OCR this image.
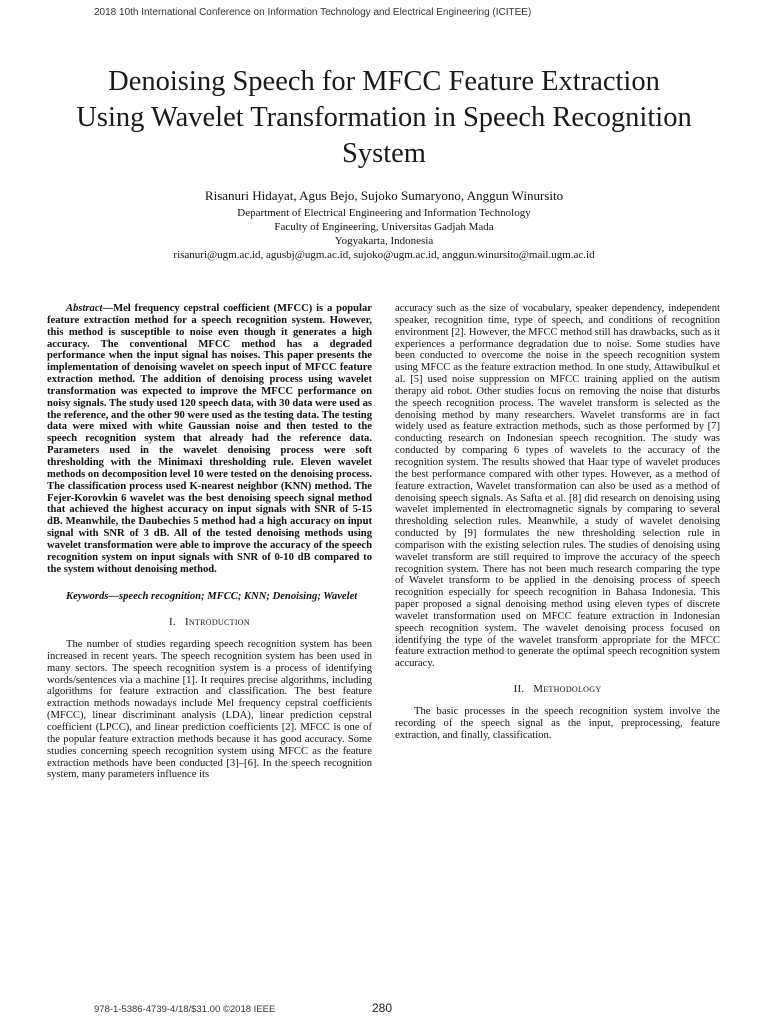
2018 10th International Conference on Information Technology and Electrical Engineering (ICITEE)
Denoising Speech for MFCC Feature Extraction
Using Wavelet Transformation in Speech Recognition
System
Risanuri Hidayat, Agus Bejo, Sujoko Sumaryono, Anggun Winursito
Department of Electrical Engineering and Information Technology
Faculty of Engineering, Universitas Gadjah Mada
Yogyakarta, Indonesia
risanuri@ugm.ac.id, agusbj@ugm.ac.id, sujoko@ugm.ac.id, anggun.winursito@mail.ugm.ac.id

Abstract—Mel frequency cepstral coefficient (MFCC) is a popular feature extraction method for a speech recognition system. However, this method is susceptible to noise even though it generates a high accuracy. The conventional MFCC method has a degraded performance when the input signal has noises. This paper presents the implementation of denoising wavelet on speech input of MFCC feature extraction method. The addition of denoising process using wavelet transformation was expected to improve the MFCC performance on noisy signals. The study used 120 speech data, with 30 data were used as the reference, and the other 90 were used as the testing data. The testing data were mixed with white Gaussian noise and then tested to the speech recognition system that already had the reference data. Parameters used in the wavelet denoising process were soft thresholding with the Minimaxi thresholding rule. Eleven wavelet methods on decomposition level 10 were tested on the denoising process. The classification process used K-nearest neighbor (KNN) method. The Fejer-Korovkin 6 wavelet was the best denoising speech signal method that achieved the highest accuracy on input signals with SNR of 5-15 dB. Meanwhile, the Daubechies 5 method had a high accuracy on input signal with SNR of 3 dB. All of the tested denoising methods using wavelet transformation were able to improve the accuracy of the speech recognition system on input signals with SNR of 0-10 dB compared to the system without denoising method.

Keywords—speech recognition; MFCC; KNN; Denoising; Wavelet

I. Introduction

The number of studies regarding speech recognition system has been increased in recent years. The speech recognition system has been used in many sectors. The speech recognition system is a process of identifying words/sentences via a machine [1]. It requires precise algorithms, including algorithms for feature extraction and classification. The best feature extraction methods nowadays include Mel frequency cepstral coefficients (MFCC), linear discriminant analysis (LDA), linear prediction cepstral coefficient (LPCC), and linear prediction coefficients [2]. MFCC is one of the popular feature extraction methods because it has good accuracy. Some studies concerning speech recognition system using MFCC as the feature extraction methods have been conducted [3]–[6]. In the speech recognition system, many parameters influence its

accuracy such as the size of vocabulary, speaker dependency, independent speaker, recognition time, type of speech, and conditions of recognition environment [2]. However, the MFCC method still has drawbacks, such as it experiences a performance degradation due to noise. Some studies have been conducted to overcome the noise in the speech recognition system using MFCC as the feature extraction method. In one study, Attawibulkul et al. [5] used noise suppression on MFCC training applied on the autism therapy aid robot. Other studies focus on removing the noise that disturbs the speech recognition process. The wavelet transform is selected as the denoising method by many researchers. Wavelet transforms are in fact widely used as feature extraction methods, such as those performed by [7] conducting research on Indonesian speech recognition. The study was conducted by comparing 6 types of wavelets to the accuracy of the recognition system. The results showed that Haar type of wavelet produces the best performance compared with other types. However, as a method of feature extraction, Wavelet transformation can also be used as a method of denoising speech signals. As Safta et al. [8] did research on denoising using wavelet implemented in electromagnetic signals by comparing to several thresholding selection rules. Meanwhile, a study of wavelet denoising conducted by [9] formulates the new thresholding selection rule in comparison with the existing selection rules. The studies of denoising using wavelet transform are still required to improve the accuracy of the speech recognition system. There has not been much research comparing the type of Wavelet transform to be applied in the denoising process of speech recognition especially for speech recognition in Bahasa Indonesia. This paper proposed a signal denoising method using eleven types of discrete wavelet transformation used on MFCC feature extraction in Indonesian speech recognition system. The wavelet denoising process focused on identifying the type of the wavelet transform appropriate for the MFCC feature extraction method to generate the optimal speech recognition system accuracy.

II. Methodology

The basic processes in the speech recognition system involve the recording of the speech signal as the input, preprocessing, feature extraction, and finally, classification.

978-1-5386-4739-4/18/$31.00 ©2018 IEEE	280
